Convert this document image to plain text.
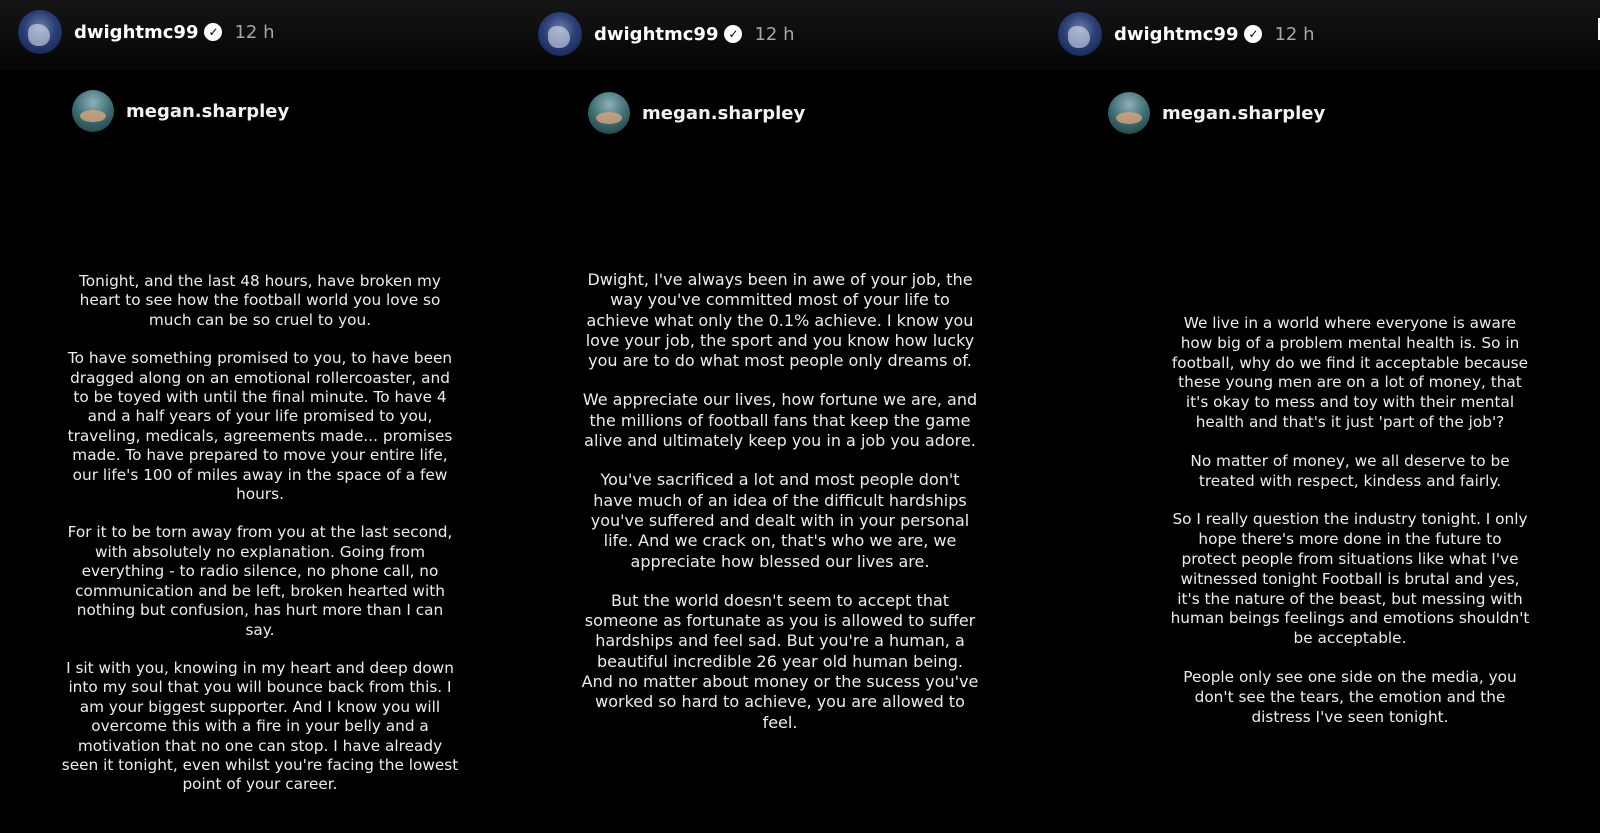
dwightmc99 ✓ 12 h
megan.sharpley

Tonight, and the last 48 hours, have broken my heart to see how the football world you love so much can be so cruel to you.

To have something promised to you, to have been dragged along on an emotional rollercoaster, and to be toyed with until the final minute. To have 4 and a half years of your life promised to you, traveling, medicals, agreements made... promises made. To have prepared to move your entire life, our life's 100 of miles away in the space of a few hours.

For it to be torn away from you at the last second, with absolutely no explanation. Going from everything - to radio silence, no phone call, no communication and be left, broken hearted with nothing but confusion, has hurt more than I can say.

I sit with you, knowing in my heart and deep down into my soul that you will bounce back from this. I am your biggest supporter. And I know you will overcome this with a fire in your belly and a motivation that no one can stop. I have already seen it tonight, even whilst you're facing the lowest point of your career.

dwightmc99 ✓ 12 h
megan.sharpley

Dwight, I've always been in awe of your job, the way you've committed most of your life to achieve what only the 0.1% achieve. I know you love your job, the sport and you know how lucky you are to do what most people only dreams of.

We appreciate our lives, how fortune we are, and the millions of football fans that keep the game alive and ultimately keep you in a job you adore.

You've sacrificed a lot and most people don't have much of an idea of the difficult hardships you've suffered and dealt with in your personal life. And we crack on, that's who we are, we appreciate how blessed our lives are.

But the world doesn't seem to accept that someone as fortunate as you is allowed to suffer hardships and feel sad. But you're a human, a beautiful incredible 26 year old human being. And no matter about money or the sucess you've worked so hard to achieve, you are allowed to feel.

dwightmc99 ✓ 12 h
megan.sharpley

We live in a world where everyone is aware how big of a problem mental health is. So in football, why do we find it acceptable because these young men are on a lot of money, that it's okay to mess and toy with their mental health and that's it just 'part of the job'?

No matter of money, we all deserve to be treated with respect, kindess and fairly.

So I really question the industry tonight. I only hope there's more done in the future to protect people from situations like what I've witnessed tonight Football is brutal and yes, it's the nature of the beast, but messing with human beings feelings and emotions shouldn't be acceptable.

People only see one side on the media, you don't see the tears, the emotion and the distress I've seen tonight.
